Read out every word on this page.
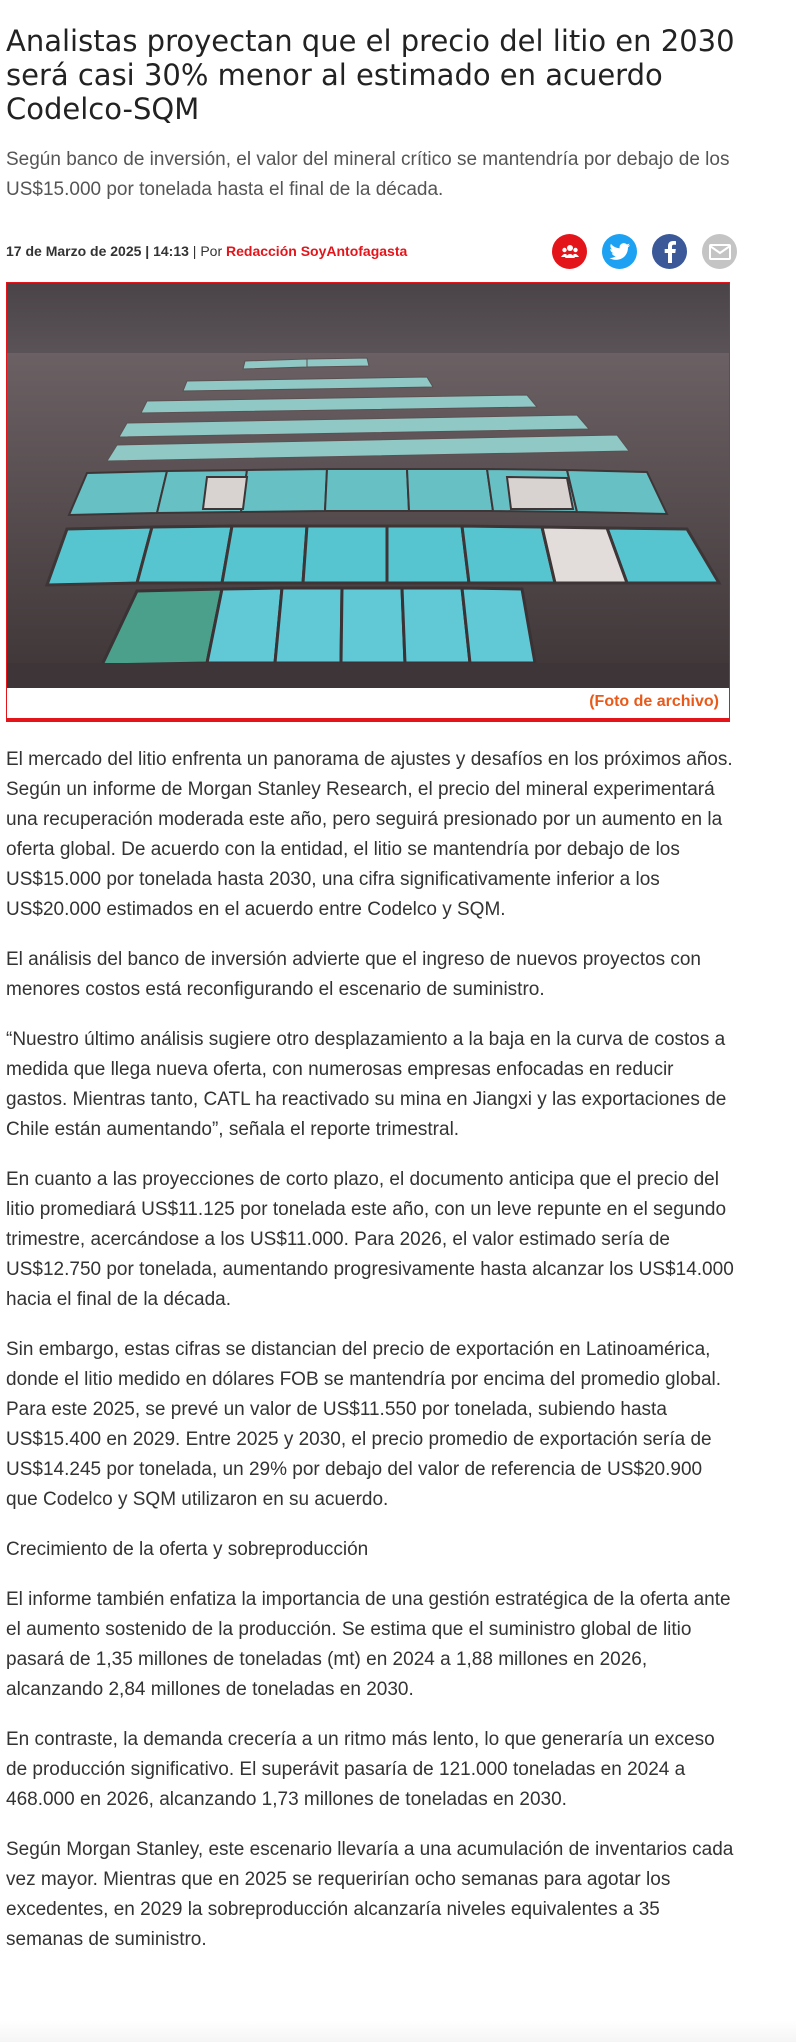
Analistas proyectan que el precio del litio en 2030 será casi 30% menor al estimado en acuerdo Codelco-SQM

Según banco de inversión, el valor del mineral crítico se mantendría por debajo de los US$15.000 por tonelada hasta el final de la década.

17 de Marzo de 2025 | 14:13 | Por Redacción SoyAntofagasta
(Foto de archivo)

El mercado del litio enfrenta un panorama de ajustes y desafíos en los próximos años. Según un informe de Morgan Stanley Research, el precio del mineral experimentará una recuperación moderada este año, pero seguirá presionado por un aumento en la oferta global. De acuerdo con la entidad, el litio se mantendría por debajo de los US$15.000 por tonelada hasta 2030, una cifra significativamente inferior a los US$20.000 estimados en el acuerdo entre Codelco y SQM.

El análisis del banco de inversión advierte que el ingreso de nuevos proyectos con menores costos está reconfigurando el escenario de suministro.

“Nuestro último análisis sugiere otro desplazamiento a la baja en la curva de costos a medida que llega nueva oferta, con numerosas empresas enfocadas en reducir gastos. Mientras tanto, CATL ha reactivado su mina en Jiangxi y las exportaciones de Chile están aumentando”, señala el reporte trimestral.

En cuanto a las proyecciones de corto plazo, el documento anticipa que el precio del litio promediará US$11.125 por tonelada este año, con un leve repunte en el segundo trimestre, acercándose a los US$11.000. Para 2026, el valor estimado sería de US$12.750 por tonelada, aumentando progresivamente hasta alcanzar los US$14.000 hacia el final de la década.

Sin embargo, estas cifras se distancian del precio de exportación en Latinoamérica, donde el litio medido en dólares FOB se mantendría por encima del promedio global. Para este 2025, se prevé un valor de US$11.550 por tonelada, subiendo hasta US$15.400 en 2029. Entre 2025 y 2030, el precio promedio de exportación sería de US$14.245 por tonelada, un 29% por debajo del valor de referencia de US$20.900 que Codelco y SQM utilizaron en su acuerdo.

Crecimiento de la oferta y sobreproducción

El informe también enfatiza la importancia de una gestión estratégica de la oferta ante el aumento sostenido de la producción. Se estima que el suministro global de litio pasará de 1,35 millones de toneladas (mt) en 2024 a 1,88 millones en 2026, alcanzando 2,84 millones de toneladas en 2030.

En contraste, la demanda crecería a un ritmo más lento, lo que generaría un exceso de producción significativo. El superávit pasaría de 121.000 toneladas en 2024 a 468.000 en 2026, alcanzando 1,73 millones de toneladas en 2030.

Según Morgan Stanley, este escenario llevaría a una acumulación de inventarios cada vez mayor. Mientras que en 2025 se requerirían ocho semanas para agotar los excedentes, en 2029 la sobreproducción alcanzaría niveles equivalentes a 35 semanas de suministro.
